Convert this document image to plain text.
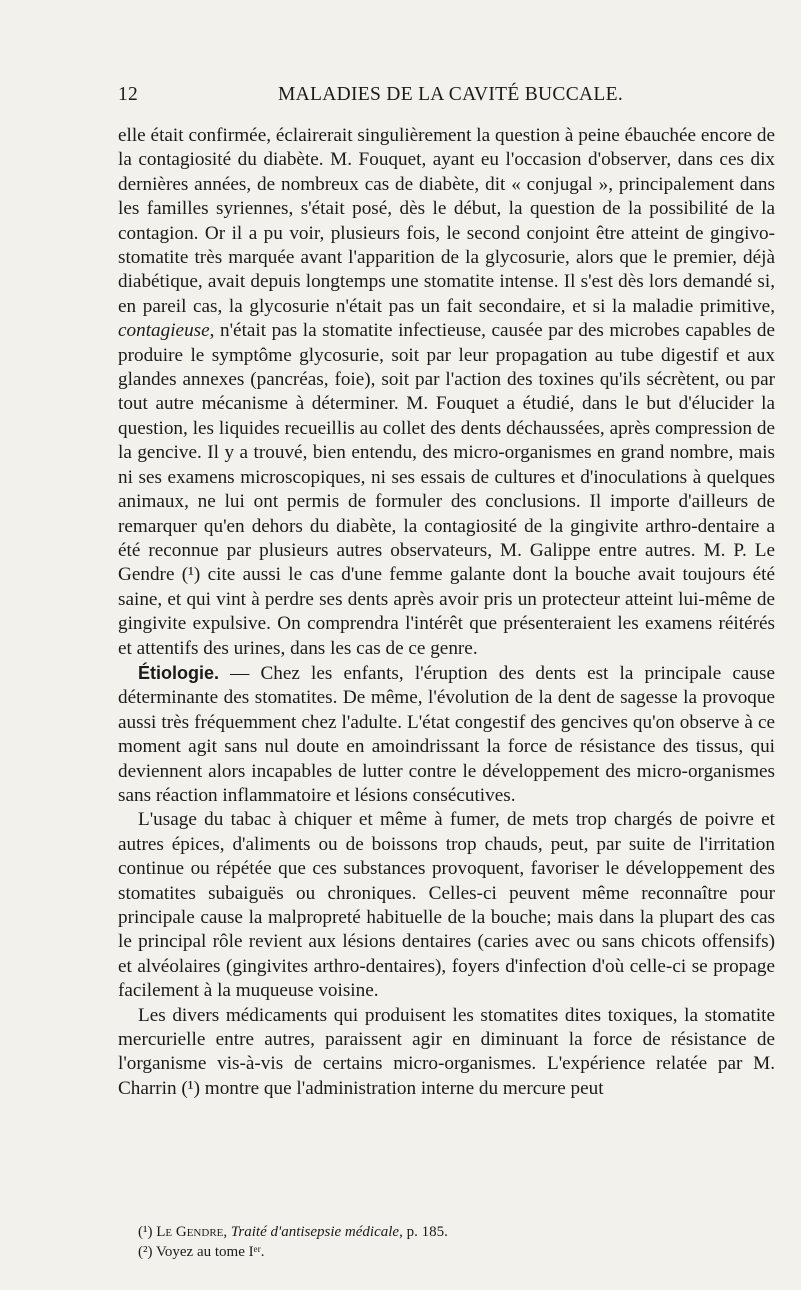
12	MALADIES DE LA CAVITÉ BUCCALE.

elle était confirmée, éclairerait singulièrement la question à peine ébauchée encore de la contagiosité du diabète. M. Fouquet, ayant eu l'occasion d'observer, dans ces dix dernières années, de nombreux cas de diabète, dit « conjugal », principalement dans les familles syriennes, s'était posé, dès le début, la question de la possibilité de la contagion. Or il a pu voir, plusieurs fois, le second conjoint être atteint de gingivo-stomatite très marquée avant l'apparition de la glycosurie, alors que le premier, déjà diabétique, avait depuis longtemps une stomatite intense. Il s'est dès lors demandé si, en pareil cas, la glycosurie n'était pas un fait secondaire, et si la maladie primitive, contagieuse, n'était pas la stomatite infectieuse, causée par des microbes capables de produire le symptôme glycosurie, soit par leur propagation au tube digestif et aux glandes annexes (pancréas, foie), soit par l'action des toxines qu'ils sécrètent, ou par tout autre mécanisme à déterminer. M. Fouquet a étudié, dans le but d'élucider la question, les liquides recueillis au collet des dents déchaussées, après compression de la gencive. Il y a trouvé, bien entendu, des micro-organismes en grand nombre, mais ni ses examens microscopiques, ni ses essais de cultures et d'inoculations à quelques animaux, ne lui ont permis de formuler des conclusions. Il importe d'ailleurs de remarquer qu'en dehors du diabète, la contagiosité de la gingivite arthro-dentaire a été reconnue par plusieurs autres observateurs, M. Galippe entre autres. M. P. Le Gendre (¹) cite aussi le cas d'une femme galante dont la bouche avait toujours été saine, et qui vint à perdre ses dents après avoir pris un protecteur atteint lui-même de gingivite expulsive. On comprendra l'intérêt que présenteraient les examens réitérés et attentifs des urines, dans les cas de ce genre.

Étiologie. — Chez les enfants, l'éruption des dents est la principale cause déterminante des stomatites. De même, l'évolution de la dent de sagesse la provoque aussi très fréquemment chez l'adulte. L'état congestif des gencives qu'on observe à ce moment agit sans nul doute en amoindrissant la force de résistance des tissus, qui deviennent alors incapables de lutter contre le développement des micro-organismes sans réaction inflammatoire et lésions consécutives.

L'usage du tabac à chiquer et même à fumer, de mets trop chargés de poivre et autres épices, d'aliments ou de boissons trop chauds, peut, par suite de l'irritation continue ou répétée que ces substances provoquent, favoriser le développement des stomatites subaiguës ou chroniques. Celles-ci peuvent même reconnaître pour principale cause la malpropreté habituelle de la bouche; mais dans la plupart des cas le principal rôle revient aux lésions dentaires (caries avec ou sans chicots offensifs) et alvéolaires (gingivites arthro-dentaires), foyers d'infection d'où celle-ci se propage facilement à la muqueuse voisine.

Les divers médicaments qui produisent les stomatites dites toxiques, la stomatite mercurielle entre autres, paraissent agir en diminuant la force de résistance de l'organisme vis-à-vis de certains micro-organismes. L'expérience relatée par M. Charrin (¹) montre que l'administration interne du mercure peut

(¹) Le Gendre, Traité d'antisepsie médicale, p. 185.
(²) Voyez au tome Iᵉʳ.
